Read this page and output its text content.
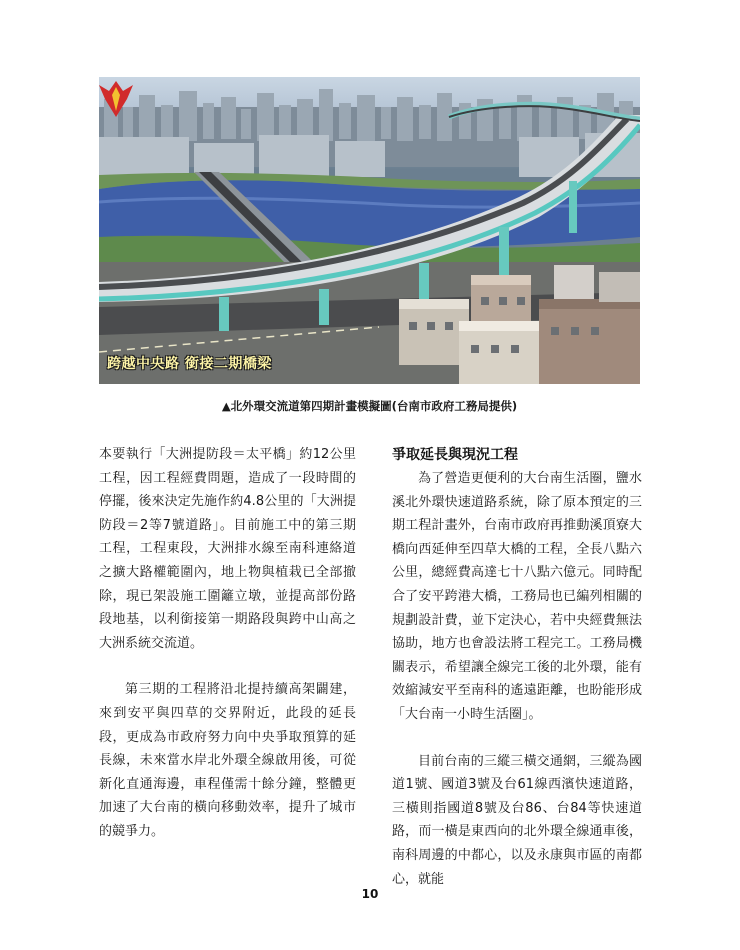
跨越中央路 銜接二期橋梁
▲北外環交流道第四期計畫模擬圖(台南市政府工務局提供)

本要執行「大洲提防段＝太平橋」約12公里工程，因工程經費問題，造成了一段時間的停擺，後來決定先施作約4.8公里的「大洲提防段＝2等7號道路」。目前施工中的第三期工程，工程東段，大洲排水線至南科連絡道之擴大路權範圍內，地上物與植栽已全部撤除，現已架設施工圍籬立墩，並提高部份路段地基，以利銜接第一期路段與跨中山高之大洲系統交流道。

第三期的工程將沿北提持續高架闢建，來到安平與四草的交界附近，此段的延長段，更成為市政府努力向中央爭取預算的延長線，未來當水岸北外環全線啟用後，可從新化直通海邊，車程僅需十餘分鐘，整體更加速了大台南的橫向移動效率，提升了城市的競爭力。

爭取延長與現況工程

為了營造更便利的大台南生活圈，鹽水溪北外環快速道路系統，除了原本預定的三期工程計畫外，台南市政府再推動溪頂寮大橋向西延伸至四草大橋的工程，全長八點六公里，總經費高達七十八點六億元。同時配合了安平跨港大橋，工務局也已編列相關的規劃設計費，並下定決心，若中央經費無法協助，地方也會設法將工程完工。工務局機關表示，希望讓全線完工後的北外環，能有效縮減安平至南科的遙遠距離，也盼能形成「大台南一小時生活圈」。

目前台南的三縱三橫交通網，三縱為國道1號、國道3號及台61線西濱快速道路，三橫則指國道8號及台86、台84等快速道路，而一橫是東西向的北外環全線通車後，南科周邊的中都心，以及永康與市區的南都心，就能

10
